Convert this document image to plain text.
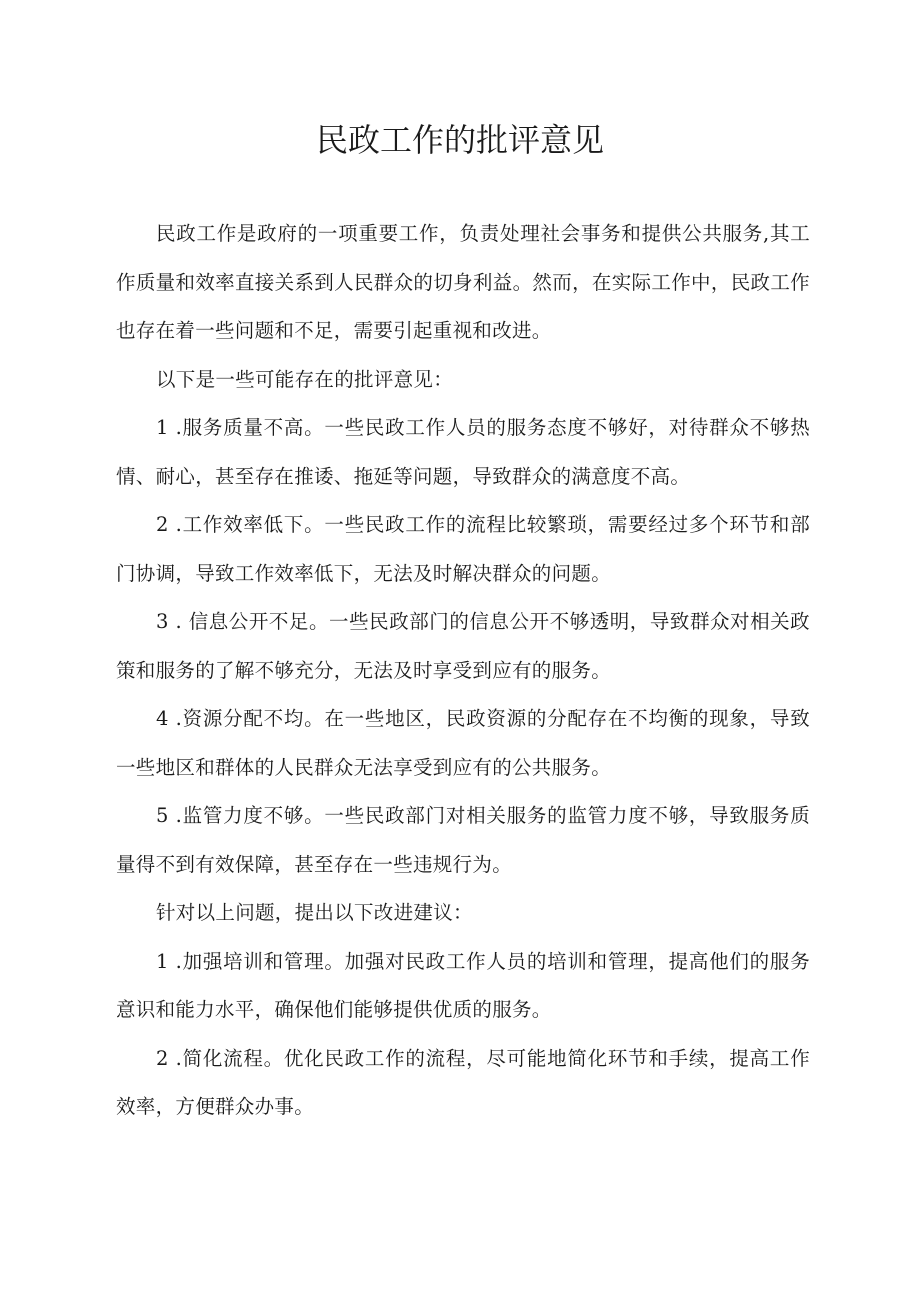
民政工作的批评意见

民政工作是政府的一项重要工作，负责处理社会事务和提供公共服务,其工作质量和效率直接关系到人民群众的切身利益。然而，在实际工作中，民政工作也存在着一些问题和不足，需要引起重视和改进。

以下是一些可能存在的批评意见：

1 .服务质量不高。一些民政工作人员的服务态度不够好，对待群众不够热情、耐心，甚至存在推诿、拖延等问题，导致群众的满意度不高。

2 .工作效率低下。一些民政工作的流程比较繁琐，需要经过多个环节和部门协调，导致工作效率低下，无法及时解决群众的问题。

3 . 信息公开不足。一些民政部门的信息公开不够透明，导致群众对相关政策和服务的了解不够充分，无法及时享受到应有的服务。

4 .资源分配不均。在一些地区，民政资源的分配存在不均衡的现象，导致一些地区和群体的人民群众无法享受到应有的公共服务。

5 .监管力度不够。一些民政部门对相关服务的监管力度不够，导致服务质量得不到有效保障，甚至存在一些违规行为。

针对以上问题，提出以下改进建议：

1 .加强培训和管理。加强对民政工作人员的培训和管理，提高他们的服务意识和能力水平，确保他们能够提供优质的服务。

2 .简化流程。优化民政工作的流程，尽可能地简化环节和手续，提高工作效率，方便群众办事。
